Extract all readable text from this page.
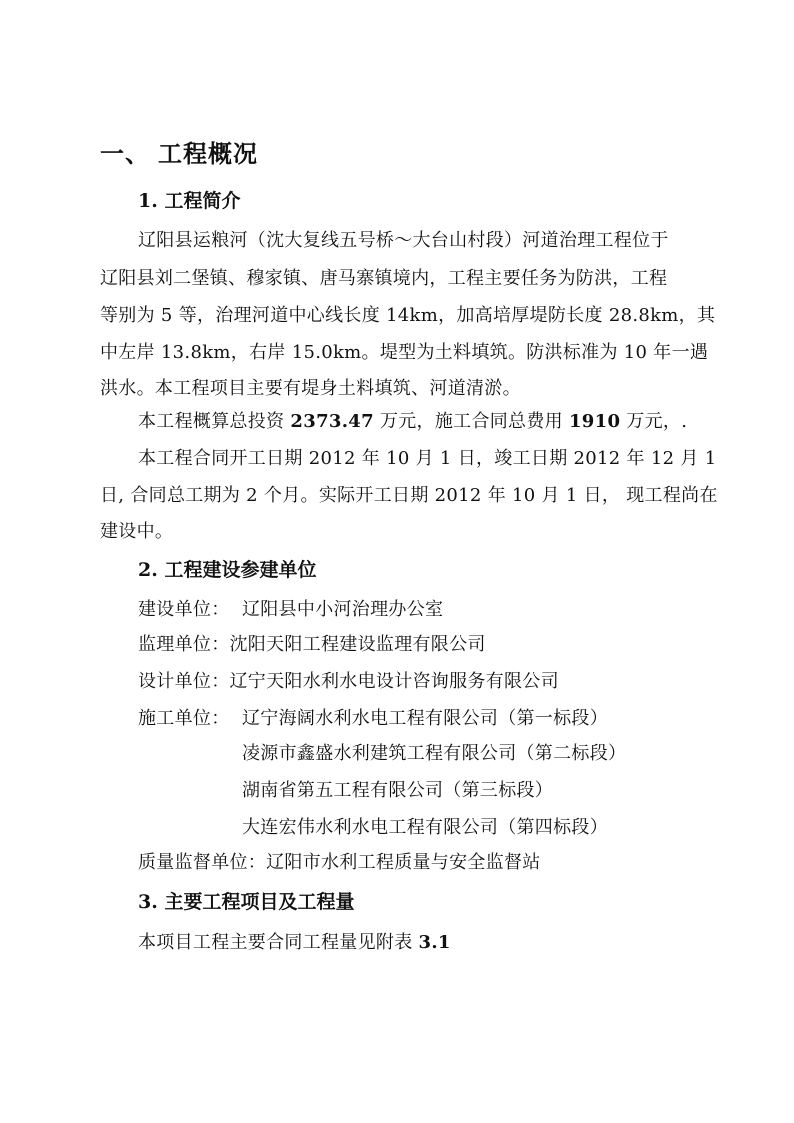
一、 工程概况
1. 工程简介
辽阳县运粮河（沈大复线五号桥～大台山村段）河道治理工程位于
辽阳县刘二堡镇、穆家镇、唐马寨镇境内，工程主要任务为防洪，工程
等别为 5 等，治理河道中心线长度 14km，加高培厚堤防长度 28.8km，其
中左岸 13.8km，右岸 15.0km。堤型为土料填筑。防洪标准为 10 年一遇
洪水。本工程项目主要有堤身土料填筑、河道清淤。
本工程概算总投资 2373.47 万元，施工合同总费用 1910 万元，.
本工程合同开工日期 2012 年 10 月 1 日，竣工日期 2012 年 12 月 1
日, 合同总工期为 2 个月。实际开工日期 2012 年 10 月 1 日， 现工程尚在
建设中。
2. 工程建设参建单位
建设单位： 辽阳县中小河治理办公室
监理单位：沈阳天阳工程建设监理有限公司
设计单位：辽宁天阳水利水电设计咨询服务有限公司
施工单位： 辽宁海阔水利水电工程有限公司（第一标段）
凌源市鑫盛水利建筑工程有限公司（第二标段）
湖南省第五工程有限公司（第三标段）
大连宏伟水利水电工程有限公司（第四标段）
质量监督单位：辽阳市水利工程质量与安全监督站
3. 主要工程项目及工程量
本项目工程主要合同工程量见附表 3.1
